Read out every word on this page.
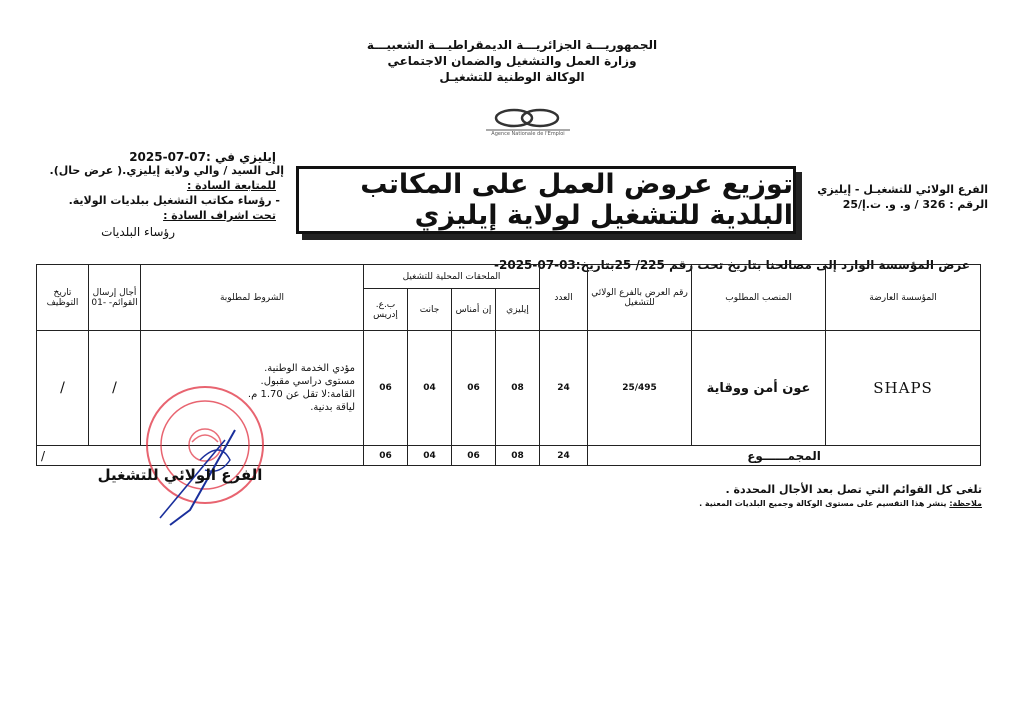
الجمهوريـــة الجزائريـــة الديمقراطيـــة الشعبيـــة
وزارة العمل والتشغيل والضمان الاجتماعي
الوكالة الوطنية للتشغيـل
Agence Nationale de l'Emploi
الفرع الولائي للتشغيـل - إيليزي
الرقم : 326 / و. و. ت.إ/25
توزيع عروض العمل على المكاتب البلدية للتشغيل لولاية إيليزي
إيليزي في :07-07-2025
إلى السيد / والي ولاية إيليزي.( عرض حال).
للمتابعة السادة :
- رؤساء مكاتب التشغيل ببلديات الولاية.
تحت اشراف السادة :
رؤساء البلديات
عرض المؤسسة الوارد إلى مصالحنا بتاريخ تحت رقم 225/ 25بتاريخ:03-07-2025-
المؤسسة العارضة	المنصب المطلوب	رقم العرض بالفرع الولائي للتشغيل	العدد	الملحقات المحلية للتشغيل				الشروط لمطلوبة	أجال إرسال القوائم- -01	تاريخ التوظيف
				إيليزي	إن أمناس	جانت	ب.ع. إدريس			
SHAPS	عون أمن ووقاية	25/495	24	08	06	04	06	مؤدي الخدمة الوطنية.
مستوى دراسي مقبول.
القامة:لا تقل عن 1.70 م.
لياقة بدنية.	/	/
المجمــــــوع			24	08	06	04	06	/		
الفرع الولائي للتشغيل
تلغى كل القوائم التي تصل بعد الأجال المحددة .
ملاحظة: ينشر هذا التقسيم على مستوى الوكالة وجميع البلديات المعنية .
